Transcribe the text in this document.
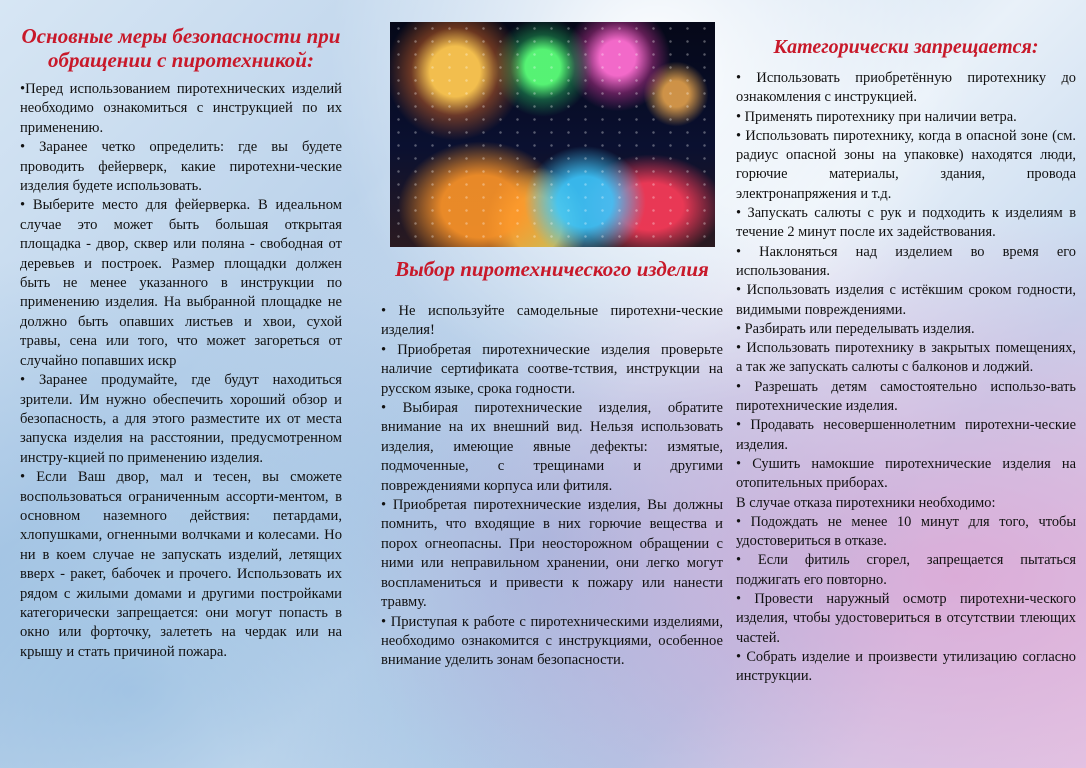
Основные меры безопасности при обращении с пиротехникой:

•Перед использованием пиротехнических изделий необходимо ознакомиться с инструкцией по их применению.

• Заранее четко определить: где вы будете проводить фейерверк, какие пиротехни-ческие изделия будете использовать.

• Выберите место для фейерверка. В идеальном случае это может быть большая открытая площадка - двор, сквер или поляна - свободная от деревьев и построек. Размер площадки должен быть не менее указанного в инструкции по применению изделия. На выбранной площадке не должно быть опавших листьев и хвои, сухой травы, сена или того, что может загореться от случайно попавших искр

• Заранее продумайте, где будут находиться зрители. Им нужно обеспечить хороший обзор и безопасность, а для этого разместите их от места запуска изделия на расстоянии, предусмотренном инстру-кцией по применению изделия.

• Если Ваш двор, мал и тесен, вы сможете воспользоваться ограниченным ассорти-ментом, в основном наземного действия: петардами, хлопушками, огненными волчками и колесами. Но ни в коем случае не запускать изделий, летящих вверх - ракет, бабочек и прочего. Использовать их рядом с жилыми домами и другими постройками категорически запрещается: они могут попасть в окно или форточку, залететь на чердак или на крышу и стать причиной пожара.

Выбор пиротехнического изделия

• Не используйте самодельные пиротехни-ческие изделия!

• Приобретая пиротехнические изделия проверьте наличие сертификата соотве-тствия, инструкции на русском языке, срока годности.

• Выбирая пиротехнические изделия, обратите внимание на их внешний вид. Нельзя использовать изделия, имеющие явные дефекты: измятые, подмоченные, с трещинами и другими повреждениями корпуса или фитиля.

• Приобретая пиротехнические изделия, Вы должны помнить, что входящие в них горючие вещества и порох огнеопасны. При неосторожном обращении с ними или неправильном хранении, они легко могут воспламениться и привести к пожару или нанести травму.

• Приступая к работе с пиротехническими изделиями, необходимо ознакомится с инструкциями, особенное внимание уделить зонам безопасности.

Категорически запрещается:

• Использовать приобретённую пиротехнику до ознакомления с инструкцией.

• Применять пиротехнику при наличии ветра.

• Использовать пиротехнику, когда в опасной зоне (см. радиус опасной зоны на упаковке) находятся люди, горючие материалы, здания, провода электронапряжения и т.д.

• Запускать салюты с рук и подходить к изделиям в течение 2 минут после их задействования.

• Наклоняться над изделием во время его использования.

• Использовать изделия с истёкшим сроком годности, видимыми повреждениями.

• Разбирать или переделывать изделия.

• Использовать пиротехнику в закрытых помещениях, а так же запускать салюты с балконов и лоджий.

• Разрешать детям самостоятельно использо-вать пиротехнические изделия.

• Продавать несовершеннолетним пиротехни-ческие изделия.

• Сушить намокшие пиротехнические изделия на отопительных приборах.

В случае отказа пиротехники необходимо:

• Подождать не менее 10 минут для того, чтобы удостовериться в отказе.

• Если фитиль сгорел, запрещается пытаться поджигать его повторно.

• Провести наружный осмотр пиротехни-ческого изделия, чтобы удостовериться в отсутствии тлеющих частей.

• Собрать изделие и произвести утилизацию согласно инструкции.
